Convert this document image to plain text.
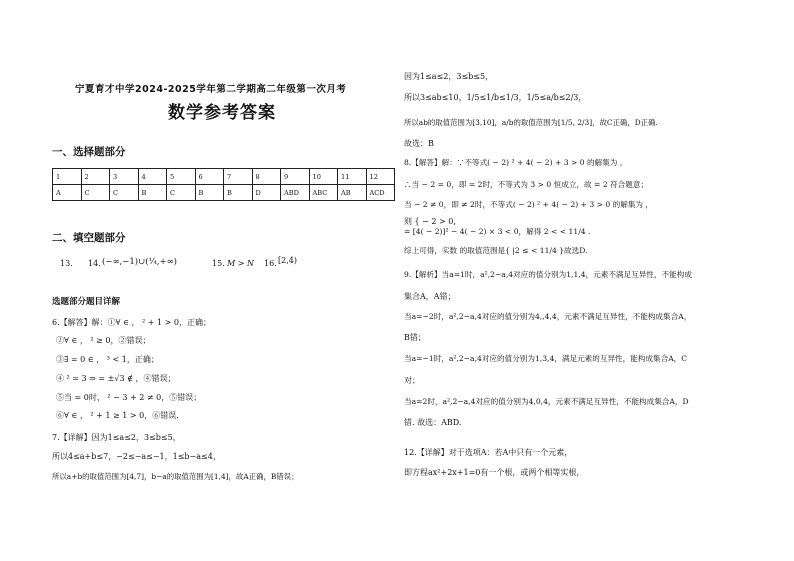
宁夏育才中学2024-2025学年第二学期高二年级第一次月考
数学参考答案
一、选择题部分
1	2	3	4	5	6	7	8	9	10	11	12
A	C	C	B	C	B	B	D	ABD	ABC	AB	ACD
二、填空题部分
13. 14. (−∞,−1)∪(¼,+∞)	15. M > N 16. [2,4)
选题部分题目详解
6.【解答】解：①∀ ∈ ， ² + 1 > 0，正确；
②∀ ∈ ， ² ≥ 0，②错误；
③∃ = 0 ∈ ， ³ < 1，正确；
④ ² = 3 ⇒ = ±√3 ∉ ，④错误；
⑤当 = 0时， ² − 3 + 2 ≠ 0，⑤错误；
⑥∀ ∈ ， ² + 1 ≥ 1 > 0，⑥错误.
7.【详解】因为1≤a≤2，3≤b≤5，
所以4≤a+b≤7，−2≤−a≤−1，1≤b−a≤4，
所以a+b的取值范围为[4,7]，b−a的取值范围为[1,4]，故A正确，B错误；
因为1≤a≤2，3≤b≤5，
所以3≤ab≤10，1/5≤1/b≤1/3，1/5≤a/b≤2/3，
所以ab的取值范围为[3,10]，a/b的取值范围为[1/5, 2/3]，故C正确，D正确.
故选：B
8.【解答】解：∵不等式( − 2) ² + 4( − 2) + 3 > 0 的解集为 ，
∴当 − 2 = 0，即 = 2时，不等式为 3 > 0 恒成立，故 = 2 符合题意；
当 − 2 ≠ 0，即 ≠ 2时，不等式( − 2) ² + 4( − 2) + 3 > 0 的解集为 ，
则 { − 2 > 0,
= [4( − 2)]² − 4( − 2) × 3 < 0，解得 2 < < 11/4 .
综上可得，实数 的取值范围是{ |2 ≤ < 11/4 }故选D.
9.【解析】当a=1时，a²,2−a,4对应的值分别为1,1,4，元素不满足互异性，不能构成
集合A，A错；
当a=−2时，a²,2−a,4对应的值分别为4,,4,4，元素不满足互异性，不能构成集合A，
B错；
当a=−1时，a²,2−a,4对应的值分别为1,3,4，满足元素的互异性，能构成集合A，C
对；
当a=2时，a²,2−a,4对应的值分别为4,0,4，元素不满足互异性，不能构成集合A，D
错. 故选：ABD.
12.【详解】对于选项A：若A中只有一个元素，
即方程ax²+2x+1=0有一个根，或两个相等实根，
